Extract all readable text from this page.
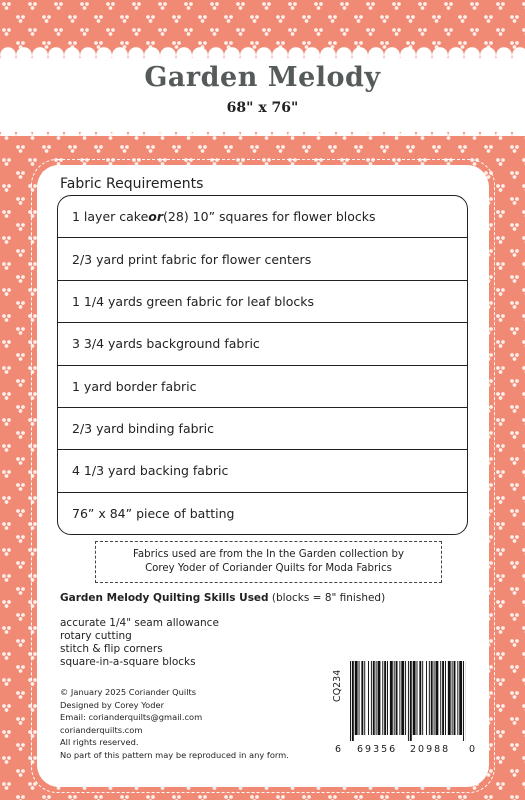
Garden Melody
68" x 76"
Fabric Requirements
1 layer cake or (28) 10” squares for flower blocks
2/3 yard print fabric for flower centers
1 1/4 yards green fabric for leaf blocks
3 3/4 yards background fabric
1 yard border fabric
2/3 yard binding fabric
4 1/3 yard backing fabric
76” x 84” piece of batting
Fabrics used are from the In the Garden collection by
Corey Yoder of Coriander Quilts for Moda Fabrics
Garden Melody Quilting Skills Used (blocks = 8" finished)
accurate 1/4" seam allowance
rotary cutting
stitch & flip corners
square-in-a-square blocks
© January 2025 Coriander Quilts
Designed by Corey Yoder
Email: corianderquilts@gmail.com
corianderquilts.com
All rights reserved.
No part of this pattern may be reproduced in any form.	6 69356 20988 0
